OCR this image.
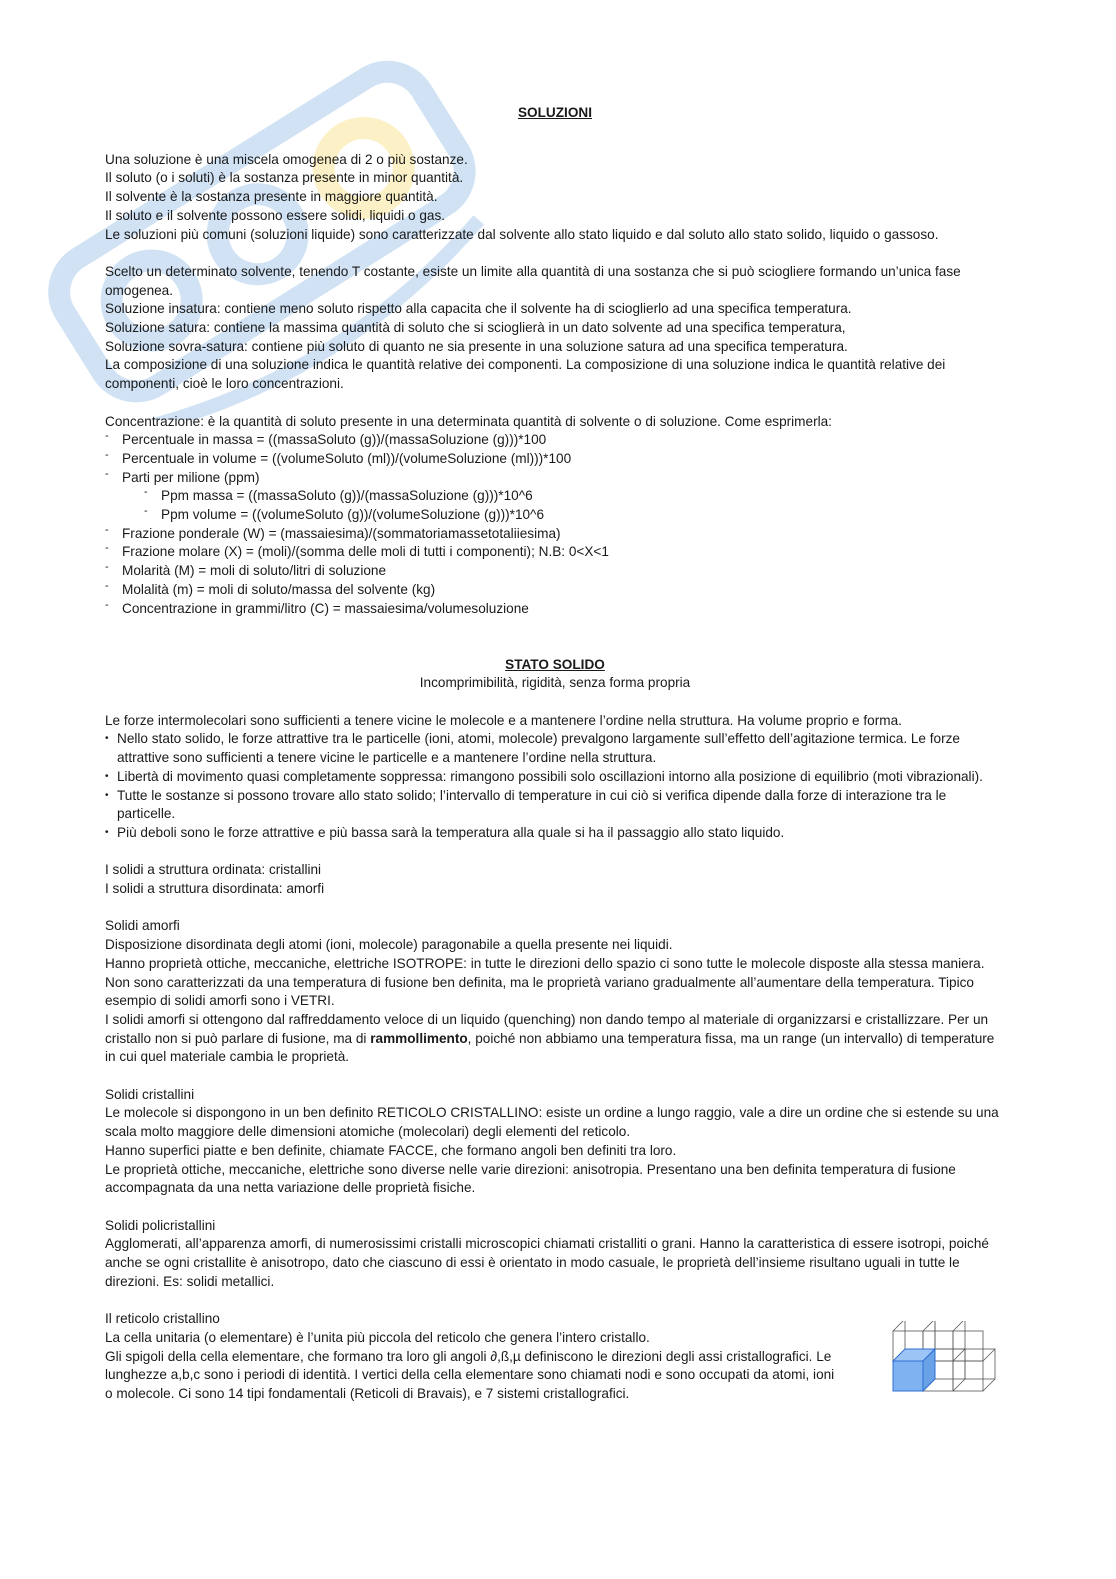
SOLUZIONI

Una soluzione è una miscela omogenea di 2 o più sostanze.

Il soluto (o i soluti) è la sostanza presente in minor quantità.

Il solvente è la sostanza presente in maggiore quantità.

Il soluto e il solvente possono essere solidi, liquidi o gas.

Le soluzioni più comuni (soluzioni liquide) sono caratterizzate dal solvente allo stato liquido e dal soluto allo stato solido, liquido o gassoso.

Scelto un determinato solvente, tenendo T costante, esiste un limite alla quantità di una sostanza che si può sciogliere formando un’unica fase omogenea.

Soluzione insatura: contiene meno soluto rispetto alla capacita che il solvente ha di scioglierlo ad una specifica temperatura.

Soluzione satura: contiene la massima quantità di soluto che si scioglierà in un dato solvente ad una specifica temperatura,

Soluzione sovra-satura: contiene più soluto di quanto ne sia presente in una soluzione satura ad una specifica temperatura.

La composizione di una soluzione indica le quantità relative dei componenti. La composizione di una soluzione indica le quantità relative dei componenti, cioè le loro concentrazioni.

Concentrazione: è la quantità di soluto presente in una determinata quantità di solvente o di soluzione. Come esprimerla:

‐ Percentuale in massa = ((massaSoluto (g))/(massaSoluzione (g)))*100
‐ Percentuale in volume = ((volumeSoluto (ml))/(volumeSoluzione (ml)))*100
‐ Parti per milione (ppm)
‐ Ppm massa = ((massaSoluto (g))/(massaSoluzione (g)))*10^6
‐ Ppm volume = ((volumeSoluto (g))/(volumeSoluzione (g)))*10^6
‐ Frazione ponderale (W) = (massaiesima)/(sommatoriamassetotaliiesima)
‐ Frazione molare (X) = (moli)/(somma delle moli di tutti i componenti); N.B: 0<X<1
‐ Molarità (M) = moli di soluto/litri di soluzione
‐ Molalità (m) = moli di soluto/massa del solvente (kg)
‐ Concentrazione in grammi/litro (C) = massaiesima/volumesoluzione

STATO SOLIDO

Incomprimibilità, rigidità, senza forma propria

Le forze intermolecolari sono sufficienti a tenere vicine le molecole e a mantenere l’ordine nella struttura. Ha volume proprio e forma.

• Nello stato solido, le forze attrattive tra le particelle (ioni, atomi, molecole) prevalgono largamente sull’effetto dell’agitazione termica. Le forze attrattive sono sufficienti a tenere vicine le particelle e a mantenere l’ordine nella struttura.
• Libertà di movimento quasi completamente soppressa: rimangono possibili solo oscillazioni intorno alla posizione di equilibrio (moti vibrazionali).
• Tutte le sostanze si possono trovare allo stato solido; l’intervallo di temperature in cui ciò si verifica dipende dalla forze di interazione tra le particelle.
• Più deboli sono le forze attrattive e più bassa sarà la temperatura alla quale si ha il passaggio allo stato liquido.

I solidi a struttura ordinata: cristallini

I solidi a struttura disordinata: amorfi

Solidi amorfi

Disposizione disordinata degli atomi (ioni, molecole) paragonabile a quella presente nei liquidi.

Hanno proprietà ottiche, meccaniche, elettriche ISOTROPE: in tutte le direzioni dello spazio ci sono tutte le molecole disposte alla stessa maniera. Non sono caratterizzati da una temperatura di fusione ben definita, ma le proprietà variano gradualmente all’aumentare della temperatura. Tipico esempio di solidi amorfi sono i VETRI.

I solidi amorfi si ottengono dal raffreddamento veloce di un liquido (quenching) non dando tempo al materiale di organizzarsi e cristallizzare. Per un cristallo non si può parlare di fusione, ma di rammollimento, poiché non abbiamo una temperatura fissa, ma un range (un intervallo) di temperature in cui quel materiale cambia le proprietà.

Solidi cristallini

Le molecole si dispongono in un ben definito RETICOLO CRISTALLINO: esiste un ordine a lungo raggio, vale a dire un ordine che si estende su una scala molto maggiore delle dimensioni atomiche (molecolari) degli elementi del reticolo.

Hanno superfici piatte e ben definite, chiamate FACCE, che formano angoli ben definiti tra loro.

Le proprietà ottiche, meccaniche, elettriche sono diverse nelle varie direzioni: anisotropia. Presentano una ben definita temperatura di fusione accompagnata da una netta variazione delle proprietà fisiche.

Solidi policristallini

Agglomerati, all’apparenza amorfi, di numerosissimi cristalli microscopici chiamati cristalliti o grani. Hanno la caratteristica di essere isotropi, poiché anche se ogni cristallite è anisotropo, dato che ciascuno di essi è orientato in modo casuale, le proprietà dell’insieme risultano uguali in tutte le direzioni. Es: solidi metallici.

Il reticolo cristallino

La cella unitaria (o elementare) è l’unita più piccola del reticolo che genera l’intero cristallo.

Gli spigoli della cella elementare, che formano tra loro gli angoli ∂,ß,µ definiscono le direzioni degli assi cristallografici. Le lunghezze a,b,c sono i periodi di identità. I vertici della cella elementare sono chiamati nodi e sono occupati da atomi, ioni o molecole. Ci sono 14 tipi fondamentali (Reticoli di Bravais), e 7 sistemi cristallografici.
